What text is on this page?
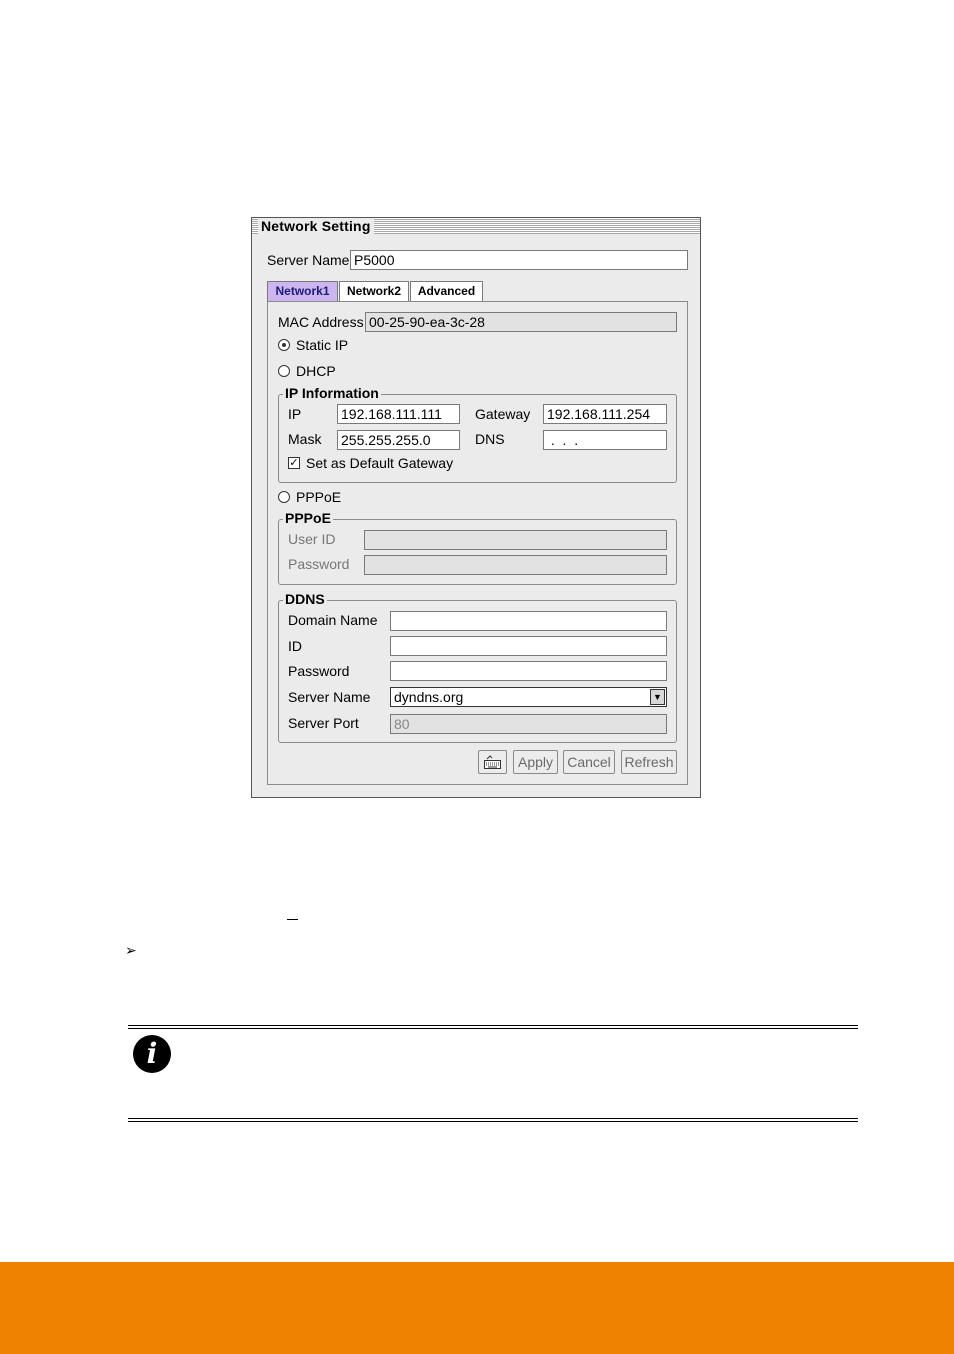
Network Setting
Server Name P5000
Network1	Network2	Advanced
MAC Address 00-25-90-ea-3c-28
Static IP
DHCP
IP Information
IP	192.168.111.111	Gateway 192.168.111.254
Mask 255.255.255.0	DNS	.  .  .
✓ Set as Default Gateway
PPPoE
PPPoE
User ID
Password
DDNS
Domain Name
ID
Password
Server Name dyndns.org	▼
Server Port	80
Apply	Cancel Refresh
➢
i
